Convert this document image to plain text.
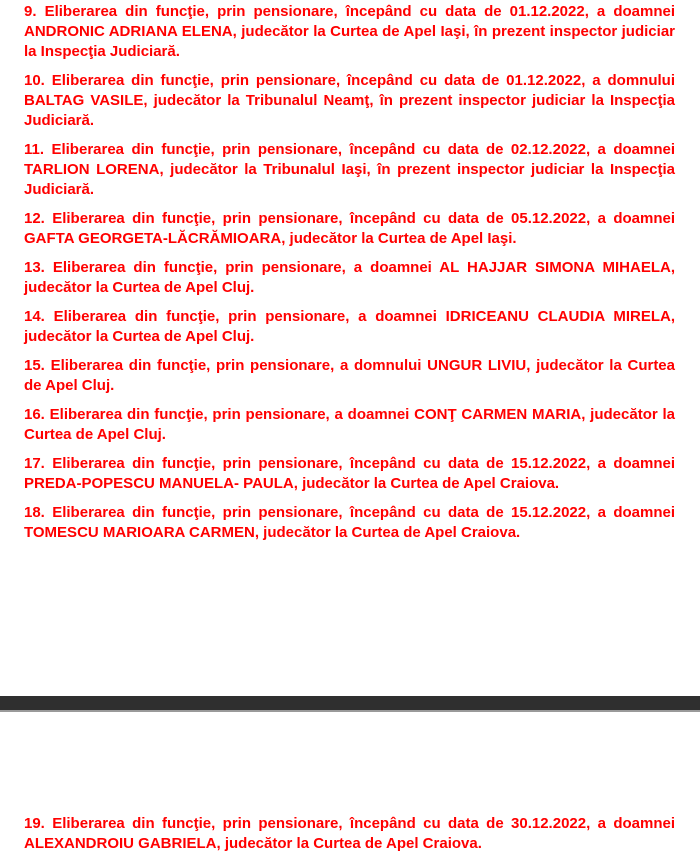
9. Eliberarea din funcţie, prin pensionare, începând cu data de 01.12.2022, a doamnei ANDRONIC ADRIANA ELENA, judecător la Curtea de Apel Iaşi, în prezent inspector judiciar la Inspecţia Judiciară.
10. Eliberarea din funcţie, prin pensionare, începând cu data de 01.12.2022, a domnului BALTAG VASILE, judecător la Tribunalul Neamţ, în prezent inspector judiciar la Inspecţia Judiciară.
11. Eliberarea din funcţie, prin pensionare, începând cu data de 02.12.2022, a doamnei TARLION LORENA, judecător la Tribunalul Iaşi, în prezent inspector judiciar la Inspecţia Judiciară.
12. Eliberarea din funcţie, prin pensionare, începând cu data de 05.12.2022, a doamnei GAFTA GEORGETA-LĂCRĂMIOARA, judecător la Curtea de Apel Iaşi.
13. Eliberarea din funcţie, prin pensionare, a doamnei AL HAJJAR SIMONA MIHAELA, judecător la Curtea de Apel Cluj.
14. Eliberarea din funcţie, prin pensionare, a doamnei IDRICEANU CLAUDIA MIRELA, judecător la Curtea de Apel Cluj.
15. Eliberarea din funcţie, prin pensionare, a domnului UNGUR LIVIU, judecător la Curtea de Apel Cluj.
16. Eliberarea din funcţie, prin pensionare, a doamnei CONŢ CARMEN MARIA, judecător la Curtea de Apel Cluj.
17. Eliberarea din funcţie, prin pensionare, începând cu data de 15.12.2022, a doamnei PREDA-POPESCU MANUELA- PAULA, judecător la Curtea de Apel Craiova.
18. Eliberarea din funcţie, prin pensionare, începând cu data de 15.12.2022, a doamnei TOMESCU MARIOARA CARMEN, judecător la Curtea de Apel Craiova.
19. Eliberarea din funcţie, prin pensionare, începând cu data de 30.12.2022, a doamnei ALEXANDROIU GABRIELA, judecător la Curtea de Apel Craiova.
